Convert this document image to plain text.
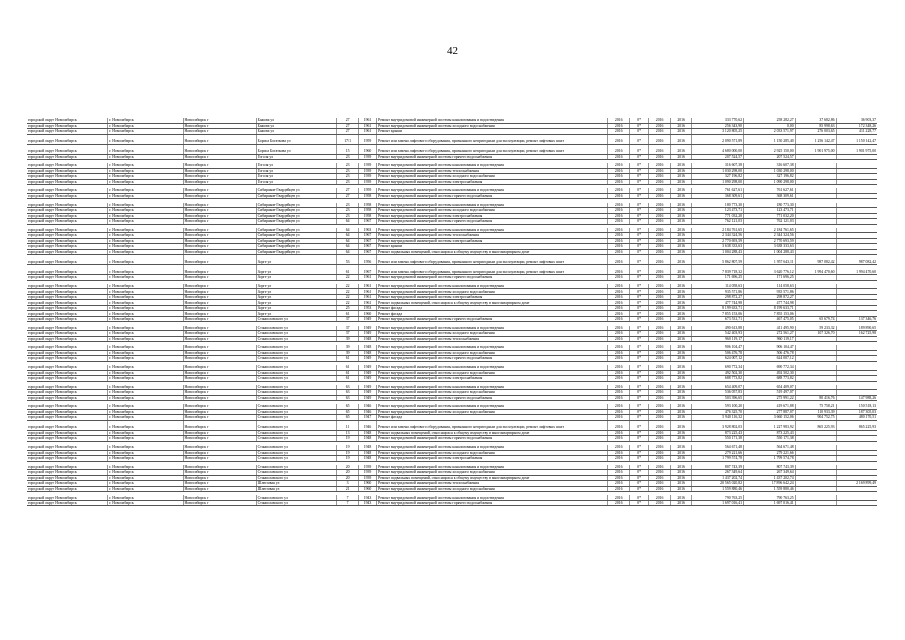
42
городской округ Новосибирск	г. Новосибирск	Новосибирск г	Бажова ул	27	1961	Ремонт внутридомовой инженерной системы канализования и водоотведения	2016	0*	2016	2016	333 770,62	258 282,27	37 682,86	36 903,37
городской округ Новосибирск	г. Новосибирск	Новосибирск г	Бажова ул	27	1961	Ремонт внутридомовой инженерной системы холодного водоснабжения	2016	0*	2016	2016	256 343,90	0,00	85 998,63	172 348,26
городской округ Новосибирск	г. Новосибирск	Новосибирск г	Бажова ул	27	1961	Ремонт крыши	2016	0*	2016	2016	3 120 805,25	2 033 571,97	276 003,65	411 228,77
городской округ Новосибирск	г. Новосибирск	Новосибирск г	Бориса Богаткова ул	17/1	1959	Ремонт или замена лифтового оборудования, признанного непригодным для эксплуатации, ремонт лифтовых шахт	2016	0*	2016	2016	2 090 571,89	1 150 285,40	1 256 142,47	1 150 142,47
городской округ Новосибирск	г. Новосибирск	Новосибирск г	Бориса Богаткова ул	15	1960	Ремонт или замена лифтового оборудования, признанного непригодным для эксплуатации, ремонт лифтовых шахт	2016	0*	2016	2016	4 680 000,00	2 925 150,00	1 901 975,00	1 901 975,00
городской округ Новосибирск	г. Новосибирск	Новосибирск г	Гоголя ул	23	1939	Ремонт внутридомовой инженерной системы горячего водоснабжения	2016	0*	2016	2016	207 524,57	207 524,57		

городской округ Новосибирск	г. Новосибирск	Новосибирск г	Гоголя ул	23	1939	Ремонт внутридомовой инженерной системы канализования и водоотведения	2016	0*	2016	2016	316 607,38	316 607,38		
городской округ Новосибирск	г. Новосибирск	Новосибирск г	Гоголя ул	23	1939	Ремонт внутридомовой инженерной системы теплоснабжения	2016	0*	2016	2016	1 030 298,00	1 030 298,00		
городской округ Новосибирск	г. Новосибирск	Новосибирск г	Гоголя ул	23	1939	Ремонт внутридомовой инженерной системы холодного водоснабжения	2016	0*	2016	2016	327 196,82	327 196,82		
городской округ Новосибирск	г. Новосибирск	Новосибирск г	Гоголя ул	23	1939	Ремонт внутридомовой инженерной системы электроснабжения	2016	0*	2016	2016	1 090 298,00	1 090 298,00		

городской округ Новосибирск	г. Новосибирск	Новосибирск г	Сибиряков-Гвардейцев ул	27	1959	Ремонт внутридомовой инженерной системы канализования и водоотведения	2016	0*	2016	2016	761 627,61	761 627,61		
городской округ Новосибирск	г. Новосибирск	Новосибирск г	Сибиряков-Гвардейцев ул	27	1958	Ремонт внутридомовой инженерной системы горячего водоснабжения	2016	0*	2016	2016	368 309,61	368 309,61		

городской округ Новосибирск	г. Новосибирск	Новосибирск г	Сибиряков-Гвардейцев ул	23	1958	Ремонт внутридомовой инженерной системы канализования и водоотведения	2016	0*	2016	2016	180 773,30	180 773,30		
городской округ Новосибирск	г. Новосибирск	Новосибирск г	Сибиряков-Гвардейцев ул	23	1958	Ремонт внутридомовой инженерной системы холодного водоснабжения	2016	0*	2016	2016	123 473,71	123 473,71		
городской округ Новосибирск	г. Новосибирск	Новосибирск г	Сибиряков-Гвардейцев ул	23	1958	Ремонт внутридомовой инженерной системы электроснабжения	2016	0*	2016	2016	771 032,20	771 032,20		
городской округ Новосибирск	г. Новосибирск	Новосибирск г	Сибиряков-Гвардейцев ул	64	1967	Ремонт внутридомовой инженерной системы горячего водоснабжения	2016	0*	2016	2016	762 121,03	762 121,03		

городской округ Новосибирск	г. Новосибирск	Новосибирск г	Сибиряков-Гвардейцев ул	64	1963	Ремонт внутридомовой инженерной системы канализования и водоотведения	2016	0*	2016	2016	2 184 761,65	2 184 761,65		
городской округ Новосибирск	г. Новосибирск	Новосибирск г	Сибиряков-Гвардейцев ул	64	1967	Ремонт внутридомовой инженерной системы теплоснабжения	2016	0*	2016	2016	2 344 324,56	2 344 324,56		
городской округ Новосибирск	г. Новосибирск	Новосибирск г	Сибиряков-Гвардейцев ул	64	1967	Ремонт внутридомовой инженерной системы электроснабжения	2016	0*	2016	2016	2 770 693,59	2 770 693,59		
городской округ Новосибирск	г. Новосибирск	Новосибирск г	Сибиряков-Гвардейцев ул	64	1967	Ремонт крыши	2016	0*	2016	2016	3 638 333,63	3 638 333,63		
городской округ Новосибирск	г. Новосибирск	Новосибирск г	Сибиряков-Гвардейцев ул	64	1967	Ремонт подвальных помещений, относящихся к общему имуществу в многоквартирном доме	2016	0*	2016	2016	1 004 288,43	1 004 288,43		
городской округ Новосибирск	г. Новосибирск	Новосибирск г	Зорге ул	53	1956	Ремонт или замена лифтового оборудования, признанного непригодным для эксплуатации, ремонт лифтовых шахт	2016	0*	2016	2016	5 862 807,59	1 957 643,11	987 082,42	987 082,42
городской округ Новосибирск	г. Новосибирск	Новосибирск г	Зорге ул	61	1967	Ремонт или замена лифтового оборудования, признанного непригодным для эксплуатации, ремонт лифтовых шахт	2016	0*	2016	2016	7 839 718,32	3 620 776,12	1 994 470,60	1 994 470,60
городской округ Новосибирск	г. Новосибирск	Новосибирск г	Зорге ул	22	1961	Ремонт внутридомовой инженерной системы горячего водоснабжения	2016	0*	2016	2016	171 696,25	171 696,25		

городской округ Новосибирск	г. Новосибирск	Новосибирск г	Зорге ул	22	1961	Ремонт внутридомовой инженерной системы канализования и водоотведения	2016	0*	2016	2016	114 058,63	114 058,63		
городской округ Новосибирск	г. Новосибирск	Новосибирск г	Зорге ул	22	1961	Ремонт внутридомовой инженерной системы холодного водоснабжения	2016	0*	2016	2016	935 571,86	935 571,86		
городской округ Новосибирск	г. Новосибирск	Новосибирск г	Зорге ул	22	1961	Ремонт внутридомовой инженерной системы электроснабжения	2016	0*	2016	2016	298 872,27	298 872,27		
городской округ Новосибирск	г. Новосибирск	Новосибирск г	Зорге ул	22	1961	Ремонт подвальных помещений, относящихся к общему имуществу в многоквартирном доме	2016	0*	2016	2016	477 744,98	477 744,98		
городской округ Новосибирск	г. Новосибирск	Новосибирск г	Зорге ул	25	1953	Ремонт фасада	2016	0*	2016	2016	8 199 633,71	8 199 633,71		
городской округ Новосибирск	г. Новосибирск	Новосибирск г	Зорге ул	61	1960	Ремонт фасада	2016	0*	2016	2016	7 855 153,06	7 855 153,06		
городской округ Новосибирск	г. Новосибирск	Новосибирск г	Станиславского ул	37	1949	Ремонт внутридомовой инженерной системы горячего водоснабжения	2016	0*	2016	2016	673 531,71	467 475,05	65 679,74	137 346,76

городской округ Новосибирск	г. Новосибирск	Новосибирск г	Станиславского ул	37	1949	Ремонт внутридомовой инженерной системы канализования и водоотведения	2016	0*	2016	2016	490 613,88	411 495,90	59 233,32	189 890,65
городской округ Новосибирск	г. Новосибирск	Новосибирск г	Станиславского ул	37	1949	Ремонт внутридомовой инженерной системы холодного водоснабжения	2016	0*	2016	2016	542 403,93	272 561,27	107 326,70	162 725,98
городской округ Новосибирск	г. Новосибирск	Новосибирск г	Станиславского ул	39	1948	Ремонт внутридомовой инженерной системы теплоснабжения	2016	0*	2016	2016	960 119,17	960 119,17		

городской округ Новосибирск	г. Новосибирск	Новосибирск г	Станиславского ул	39	1948	Ремонт внутридомовой инженерной системы канализования и водоотведения	2016	0*	2016	2016	906 104,47	906 104,47		
городской округ Новосибирск	г. Новосибирск	Новосибирск г	Станиславского ул	39	1948	Ремонт внутридомовой инженерной системы холодного водоснабжения	2016	0*	2016	2016	506 476,78	506 476,78		
городской округ Новосибирск	г. Новосибирск	Новосибирск г	Станиславского ул	61	1949	Ремонт внутридомовой инженерной системы горячего водоснабжения	2016	0*	2016	2016	624 007,12	624 007,12		

городской округ Новосибирск	г. Новосибирск	Новосибирск г	Станиславского ул	61	1949	Ремонт внутридомовой инженерной системы канализования и водоотведения	2016	0*	2016	2016	690 772,34	690 772,34		
городской округ Новосибирск	г. Новосибирск	Новосибирск г	Станиславского ул	61	1949	Ремонт внутридомовой инженерной системы холодного водоснабжения	2016	0*	2016	2016	492 502,30	492 502,30		
городской округ Новосибирск	г. Новосибирск	Новосибирск г	Станиславского ул	61	1949	Ремонт внутридомовой инженерной системы электроснабжения	2016	0*	2016	2016	688 773,82	688 773,82		

городской округ Новосибирск	г. Новосибирск	Новосибирск г	Станиславского ул	63	1949	Ремонт внутридомовой инженерной системы канализования и водоотведения	2016	0*	2016	2016	654 409,07	654 409,07		
городской округ Новосибирск	г. Новосибирск	Новосибирск г	Станиславского ул	63	1949	Ремонт внутридомовой инженерной системы холодного водоснабжения	2016	0*	2016	2016	536 057,83	519 497,07		
городской округ Новосибирск	г. Новосибирск	Новосибирск г	Станиславского ул	63	1949	Ремонт внутридомовой инженерной системы горячего водоснабжения	2016	0*	2016	2016	503 396,65	275 991,22	80 416,76	147 988,26

городской округ Новосибирск	г. Новосибирск	Новосибирск г	Станиславского ул	65	1946	Ремонт внутридомовой инженерной системы канализования и водоотведения	2016	0*	2016	2016	593 100,20	419 671,88	75 758,21	150 518,13
городской округ Новосибирск	г. Новосибирск	Новосибирск г	Станиславского ул	65	1946	Ремонт внутридомовой инженерной системы холодного водоснабжения	2016	0*	2016	2016	476 325,70	277 887,07	110 933,39	187 305,03
городской округ Новосибирск	г. Новосибирск	Новосибирск г	Станиславского ул	65	1947	Ремонт фасада	2016	0*	2016	2016	5 940 116,32	3 660 152,06	904 752,75	480 170,51
городской округ Новосибирск	г. Новосибирск	Новосибирск г	Станиславского ул	11	1946	Ремонт или замена лифтового оборудования, признанного непригодным для эксплуатации, ремонт лифтовых шахт	2016	0*	2016	2016	3 928 802,03	1 227 983,92	865 225,93	865 225,93
городской округ Новосибирск	г. Новосибирск	Новосибирск г	Станиславского ул	13	1948	Ремонт подвальных помещений, относящихся к общему имуществу в многоквартирном доме	2016	0*	2016	2016	873 225,43	873 225,43		
городской округ Новосибирск	г. Новосибирск	Новосибирск г	Станиславского ул	19	1948	Ремонт внутридомовой инженерной системы горячего водоснабжения	2016	0*	2016	2016	550 171,38	550 171,38		

городской округ Новосибирск	г. Новосибирск	Новосибирск г	Станиславского ул	19	1948	Ремонт внутридомовой инженерной системы канализования и водоотведения	2016	0*	2016	2016	564 671,48	564 671,48		
городской округ Новосибирск	г. Новосибирск	Новосибирск г	Станиславского ул	19	1948	Ремонт внутридомовой инженерной системы холодного водоснабжения	2016	0*	2016	2016	279 221,66	279 221,66		
городской округ Новосибирск	г. Новосибирск	Новосибирск г	Станиславского ул	19	1948	Ремонт внутридомовой инженерной системы электроснабжения	2016	0*	2016	2016	1 799 574,78	1 799 574,78		

городской округ Новосибирск	г. Новосибирск	Новосибирск г	Станиславского ул	20	1939	Ремонт внутридомовой инженерной системы канализования и водоотведения	2016	0*	2016	2016	807 743,39	807 743,39		
городской округ Новосибирск	г. Новосибирск	Новосибирск г	Станиславского ул	20	1939	Ремонт внутридомовой инженерной системы холодного водоснабжения	2016	0*	2016	2016	267 349,64	267 349,64		
городской округ Новосибирск	г. Новосибирск	Новосибирск г	Станиславского ул	20	1939	Ремонт подвальных помещений, относящихся к общему имуществу в многоквартирном доме	2016	0*	2016	2016	1 437 202,74	1 437 202,74		
городской округ Новосибирск	г. Новосибирск	Новосибирск г	Шлюзовая ул	3	1960	Ремонт внутридомовой инженерной системы теплоснабжения	2016	0*	2016	2016	20 565 020,82	17 896 642,24		2 169 899,49
городской округ Новосибирск	г. Новосибирск	Новосибирск г	Шлюзовая ул	21	1960	Ремонт внутридомовой инженерной системы холодного водоснабжения	2016	0*	2016	2016	1 559 880,46	1 559 880,46		

городской округ Новосибирск	г. Новосибирск	Новосибирск г	Станиславского ул	7	1943	Ремонт внутридомовой инженерной системы канализования и водоотведения	2016	0*	2016	2016	790 763,25	790 763,25		
городской округ Новосибирск	г. Новосибирск	Новосибирск г	Станиславского ул	7	1943	Ремонт внутридомовой инженерной системы горячего водоснабжения	2016	0*	2016	2016	1 697 016,41	1 697 016,41		
